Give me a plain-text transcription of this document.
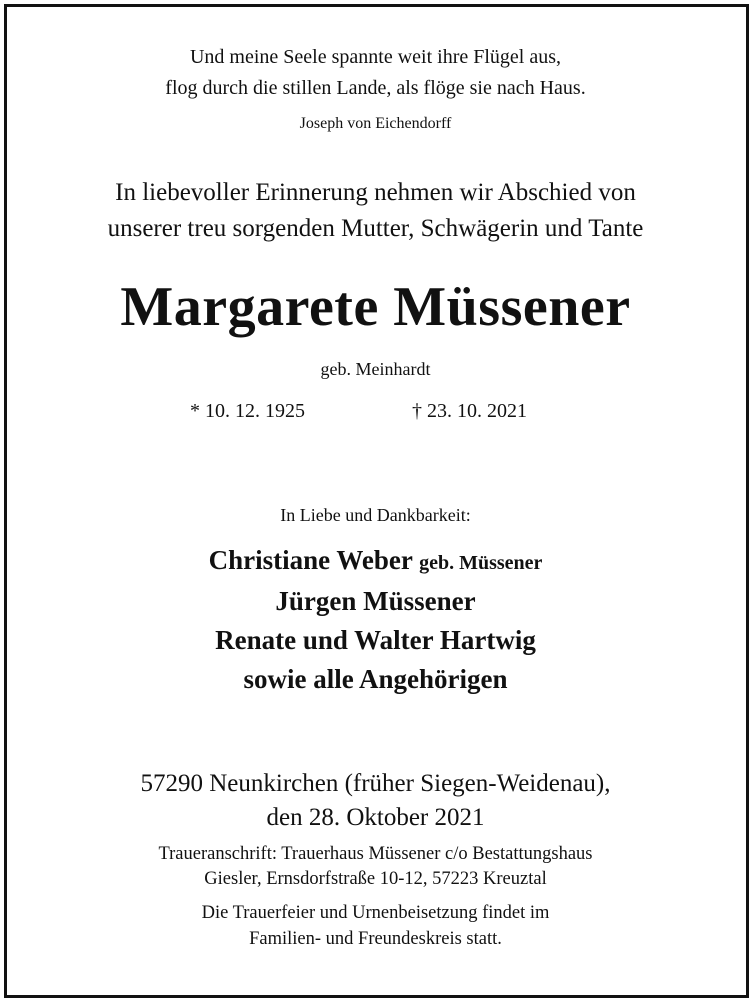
Und meine Seele spannte weit ihre Flügel aus,
flog durch die stillen Lande, als flöge sie nach Haus.
Joseph von Eichendorff
In liebevoller Erinnerung nehmen wir Abschied von
unserer treu sorgenden Mutter, Schwägerin und Tante
Margarete Müssener
geb. Meinhardt
* 10. 12. 1925	† 23. 10. 2021
In Liebe und Dankbarkeit:
Christiane Weber geb. Müssener
Jürgen Müssener
Renate und Walter Hartwig
sowie alle Angehörigen
57290 Neunkirchen (früher Siegen-Weidenau),
den 28. Oktober 2021
Traueranschrift: Trauerhaus Müssener c/o Bestattungshaus
Giesler, Ernsdorfstraße 10-12, 57223 Kreuztal
Die Trauerfeier und Urnenbeisetzung findet im
Familien- und Freundeskreis statt.
